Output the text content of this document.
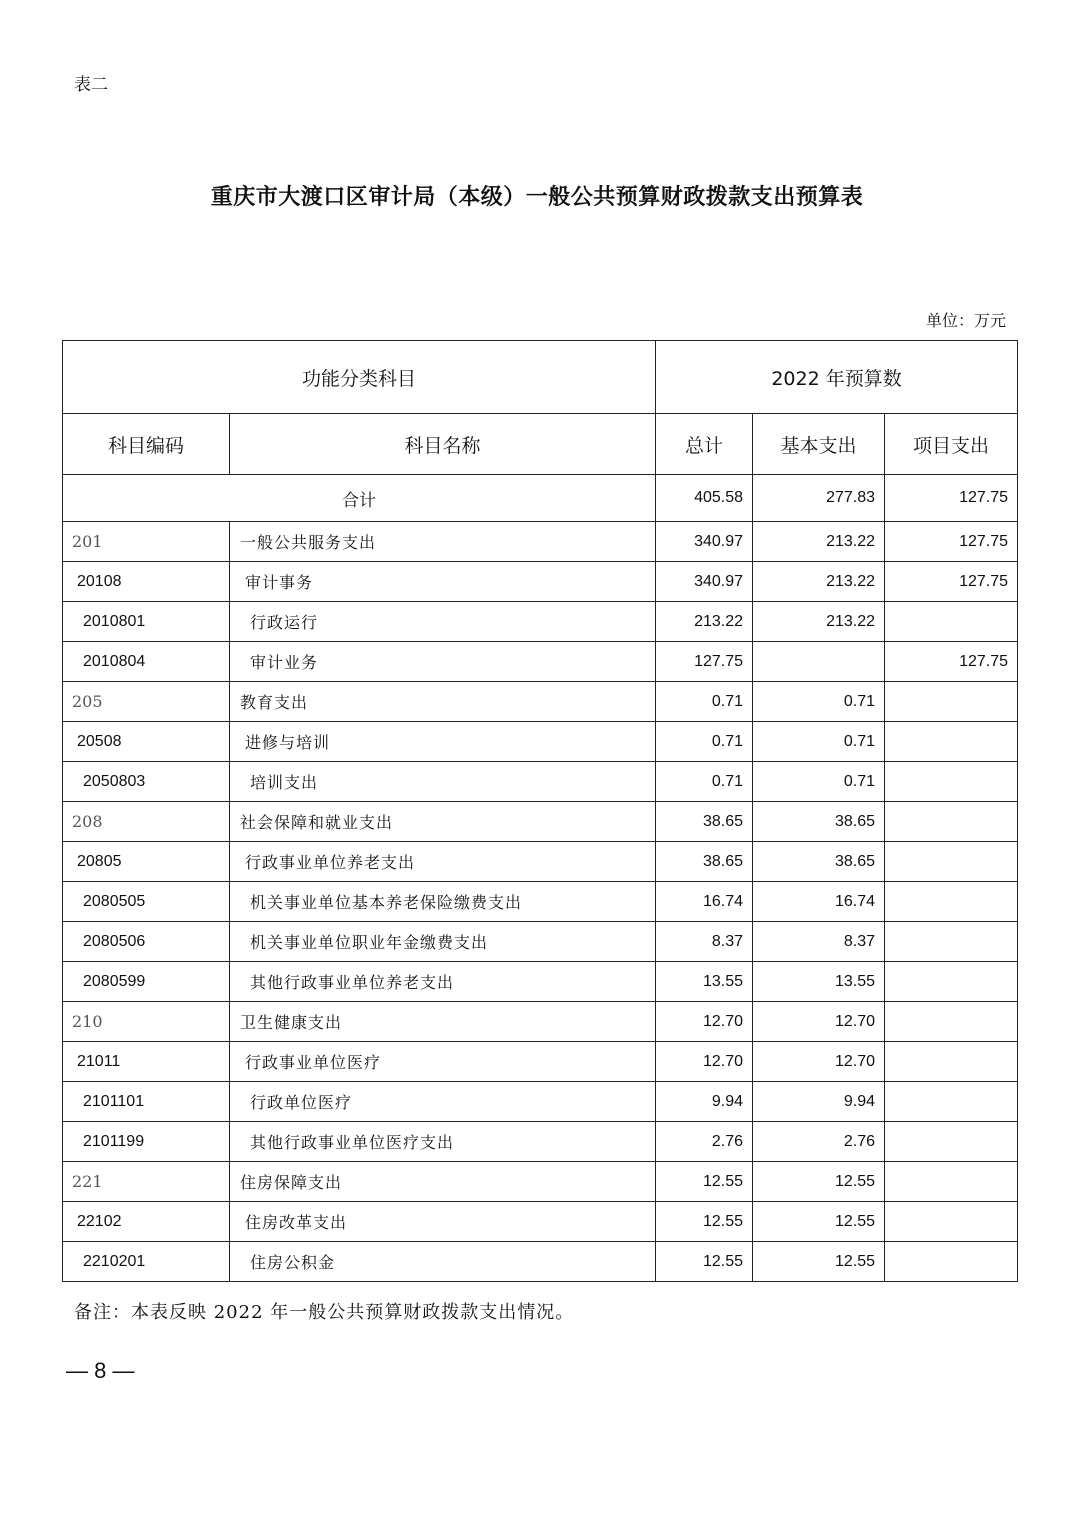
表二
重庆市大渡口区审计局（本级）一般公共预算财政拨款支出预算表
单位：万元
功能分类科目		2022 年预算数		
科目编码	科目名称	总计	基本支出	项目支出
合计		405.58	277.83	127.75
201	一般公共服务支出	340.97	213.22	127.75
20108	审计事务	340.97	213.22	127.75
2010801	行政运行	213.22	213.22	
2010804	审计业务	127.75		127.75
205	教育支出	0.71	0.71	
20508	进修与培训	0.71	0.71	
2050803	培训支出	0.71	0.71	
208	社会保障和就业支出	38.65	38.65	
20805	行政事业单位养老支出	38.65	38.65	
2080505	机关事业单位基本养老保险缴费支出	16.74	16.74	
2080506	机关事业单位职业年金缴费支出	8.37	8.37	
2080599	其他行政事业单位养老支出	13.55	13.55	
210	卫生健康支出	12.70	12.70	
21011	行政事业单位医疗	12.70	12.70	
2101101	行政单位医疗	9.94	9.94	
2101199	其他行政事业单位医疗支出	2.76	2.76	
221	住房保障支出	12.55	12.55	
22102	住房改革支出	12.55	12.55	
2210201	住房公积金	12.55	12.55	
备注：本表反映 2022 年一般公共预算财政拨款支出情况。
— 8 —
